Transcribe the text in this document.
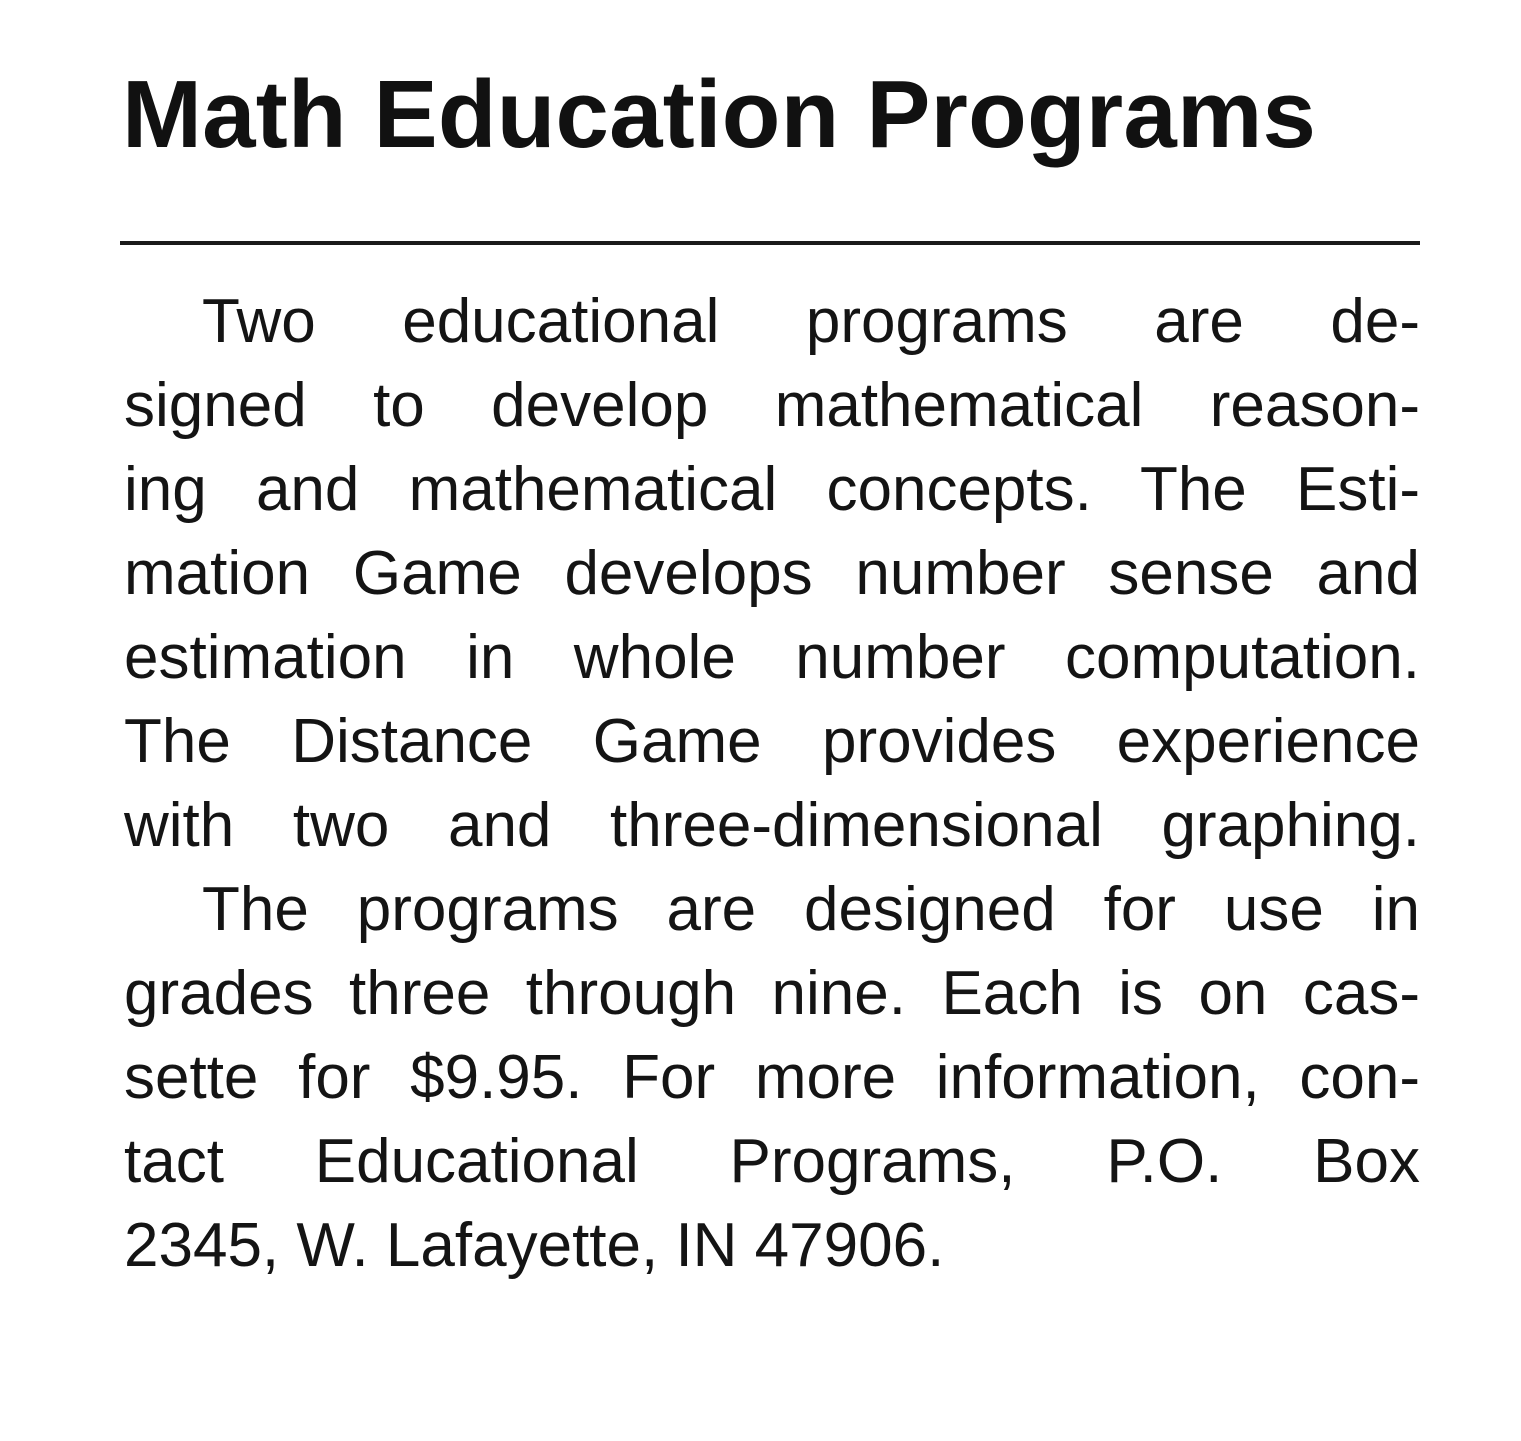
Math Education Programs
Two educational programs are de-
signed to develop mathematical reason-
ing and mathematical concepts. The Esti-
mation Game develops number sense and
estimation in whole number computation.
The Distance Game provides experience
with two and three-dimensional graphing.
The programs are designed for use in
grades three through nine. Each is on cas-
sette for $9.95. For more information, con-
tact Educational Programs, P.O. Box
2345, W. Lafayette, IN 47906.
